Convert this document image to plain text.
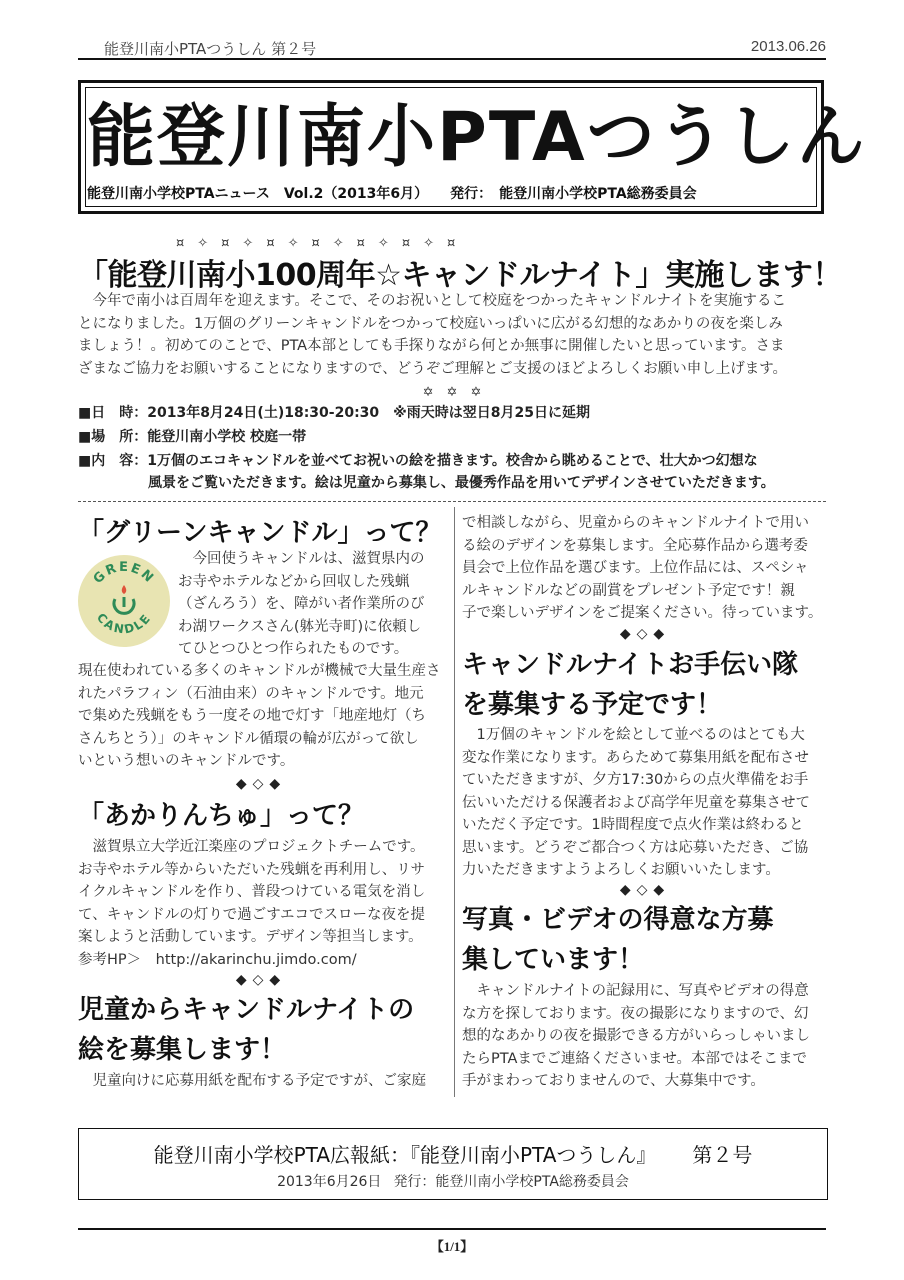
能登川南小PTAつうしん 第２号	2013.06.26
能登川南小PTAつうしん
能登川南小学校PTAニュース　Vol.2（2013年6月） 発行：　能登川南小学校PTA総務委員会
¤　✧　¤　✧　¤　✧　¤　✧　¤　✧　¤　✧　¤
「能登川南小100周年☆キャンドルナイト」実施します！
　今年で南小は百周年を迎えます。そこで、そのお祝いとして校庭をつかったキャンドルナイトを実施するこ
とになりました。1万個のグリーンキャンドルをつかって校庭いっぱいに広がる幻想的なあかりの夜を楽しみ
ましょう！。初めてのことで、PTA本部としても手探りながら何とか無事に開催したいと思っています。さま
ざまなご協力をお願いすることになりますので、どうぞご理解とご支援のほどよろしくお願い申し上げます。
✡　✡　✡
■日　時：2013年8月24日(土)18:30-20:30　※雨天時は翌日8月25日に延期
■場　所：能登川南小学校 校庭一帯
■内　容：1万個のエコキャンドルを並べてお祝いの絵を描きます。校舎から眺めることで、壮大かつ幻想な
　　　　　風景をご覧いただきます。絵は児童から募集し、最優秀作品を用いてデザインさせていただきます。
「グリーンキャンドル」って？
GREEN
CANDLE
　今回使うキャンドルは、滋賀県内の
お寺やホテルなどから回収した残蝋
（ざんろう）を、障がい者作業所のび
わ湖ワークスさん(躰光寺町)に依頼し
てひとつひとつ作られたものです。
現在使われている多くのキャンドルが機械で大量生産さ
れたパラフィン（石油由来）のキャンドルです。地元
で集めた残蝋をもう一度その地で灯す「地産地灯（ち
さんちとう）」のキャンドル循環の輪が広がって欲し
いという想いのキャンドルです。
◆◇◆
「あかりんちゅ」って？
　滋賀県立大学近江楽座のプロジェクトチームです。
お寺やホテル等からいただいた残蝋を再利用し、リサ
イクルキャンドルを作り、普段つけている電気を消し
て、キャンドルの灯りで過ごすエコでスローな夜を提
案しようと活動しています。デザイン等担当します。
参考HP＞　http://akarinchu.jimdo.com/
◆◇◆
児童からキャンドルナイトの
絵を募集します！
　児童向けに応募用紙を配布する予定ですが、ご家庭
で相談しながら、児童からのキャンドルナイトで用い
る絵のデザインを募集します。全応募作品から選考委
員会で上位作品を選びます。上位作品には、スペシャ
ルキャンドルなどの副賞をプレゼント予定です！親
子で楽しいデザインをご提案ください。待っています。
◆◇◆
キャンドルナイトお手伝い隊
を募集する予定です！
　1万個のキャンドルを絵として並べるのはとても大
変な作業になります。あらためて募集用紙を配布させ
ていただきますが、夕方17:30からの点火準備をお手
伝いいただける保護者および高学年児童を募集させて
いただく予定です。1時間程度で点火作業は終わると
思います。どうぞご都合つく方は応募いただき、ご協
力いただきますようよろしくお願いいたします。
◆◇◆
写真・ビデオの得意な方募
集しています！
　キャンドルナイトの記録用に、写真やビデオの得意
な方を探しております。夜の撮影になりますので、幻
想的なあかりの夜を撮影できる方がいらっしゃいまし
たらPTAまでご連絡くださいませ。本部ではそこまで
手がまわっておりませんので、大募集中です。
能登川南小学校PTA広報紙：『能登川南小PTAつうしん』 第２号
2013年6月26日 発行：能登川南小学校PTA総務委員会
【1/1】
